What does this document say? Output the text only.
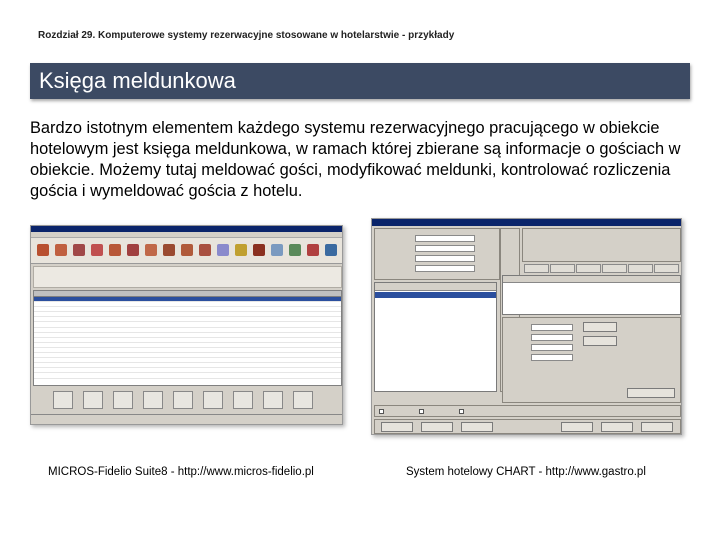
Rozdział 29. Komputerowe systemy rezerwacyjne stosowane w hotelarstwie - przykłady
Księga meldunkowa

Bardzo istotnym elementem każdego systemu rezerwacyjnego pracującego w obiekcie hotelowym jest księga meldunkowa, w ramach której zbierane są informacje o gościach w obiekcie. Możemy tutaj meldować gości, modyfikować meldunki, kontrolować rozliczenia gościa i wymeldować gościa z hotelu.

MICROS-Fidelio Suite8 - http://www.micros-fidelio.pl	System hotelowy CHART - http://www.gastro.pl
